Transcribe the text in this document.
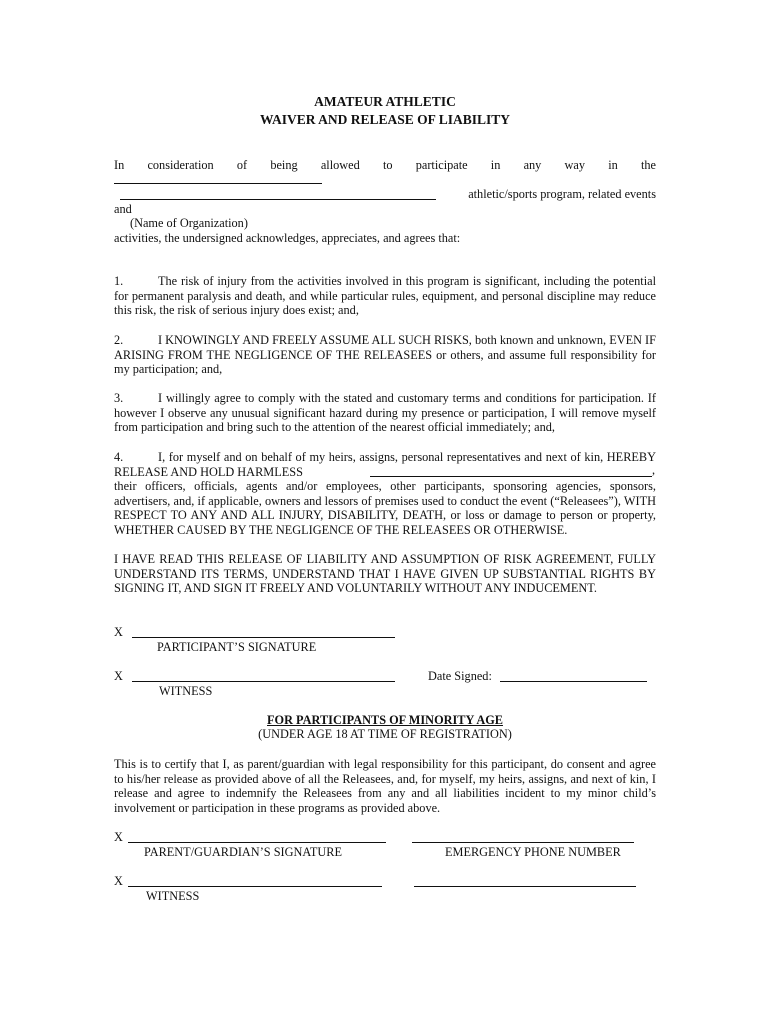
AMATEUR ATHLETIC
WAIVER AND RELEASE OF LIABILITY
In consideration of being allowed to participate in any way in the
athletic/sports program, related events
and
(Name of Organization)
activities, the undersigned acknowledges, appreciates, and agrees that:
1.	The risk of injury from the activities involved in this program is significant, including the potential for permanent paralysis and death, and while particular rules, equipment, and personal discipline may reduce this risk, the risk of serious injury does exist; and,
2.	I KNOWINGLY AND FREELY ASSUME ALL SUCH RISKS, both known and unknown, EVEN IF ARISING FROM THE NEGLIGENCE OF THE RELEASEES or others, and assume full responsibility for my participation; and,
3.	I willingly agree to comply with the stated and customary terms and conditions for participation. If however I observe any unusual significant hazard during my presence or participation, I will remove myself from participation and bring such to the attention of the nearest official immediately; and,
4.	I, for myself and on behalf of my heirs, assigns, personal representatives and next of kin, HEREBY RELEASE AND HOLD HARMLESS	,
their officers, officials, agents and/or employees, other participants, sponsoring agencies, sponsors, advertisers, and, if applicable, owners and lessors of premises used to conduct the event (“Releasees”), WITH RESPECT TO ANY AND ALL INJURY, DISABILITY, DEATH, or loss or damage to person or property, WHETHER CAUSED BY THE NEGLIGENCE OF THE RELEASEES OR OTHERWISE.
I HAVE READ THIS RELEASE OF LIABILITY AND ASSUMPTION OF RISK AGREEMENT, FULLY UNDERSTAND ITS TERMS, UNDERSTAND THAT I HAVE GIVEN UP SUBSTANTIAL RIGHTS BY SIGNING IT, AND SIGN IT FREELY AND VOLUNTARILY WITHOUT ANY INDUCEMENT.
X
PARTICIPANT’S SIGNATURE
X
WITNESS
Date Signed:
FOR PARTICIPANTS OF MINORITY AGE
(UNDER AGE 18 AT TIME OF REGISTRATION)
This is to certify that I, as parent/guardian with legal responsibility for this participant, do consent and agree to his/her release as provided above of all the Releasees, and, for myself, my heirs, assigns, and next of kin, I release and agree to indemnify the Releasees from any and all liabilities incident to my minor child’s involvement or participation in these programs as provided above.
X
PARENT/GUARDIAN’S SIGNATURE	EMERGENCY PHONE NUMBER
X
WITNESS
